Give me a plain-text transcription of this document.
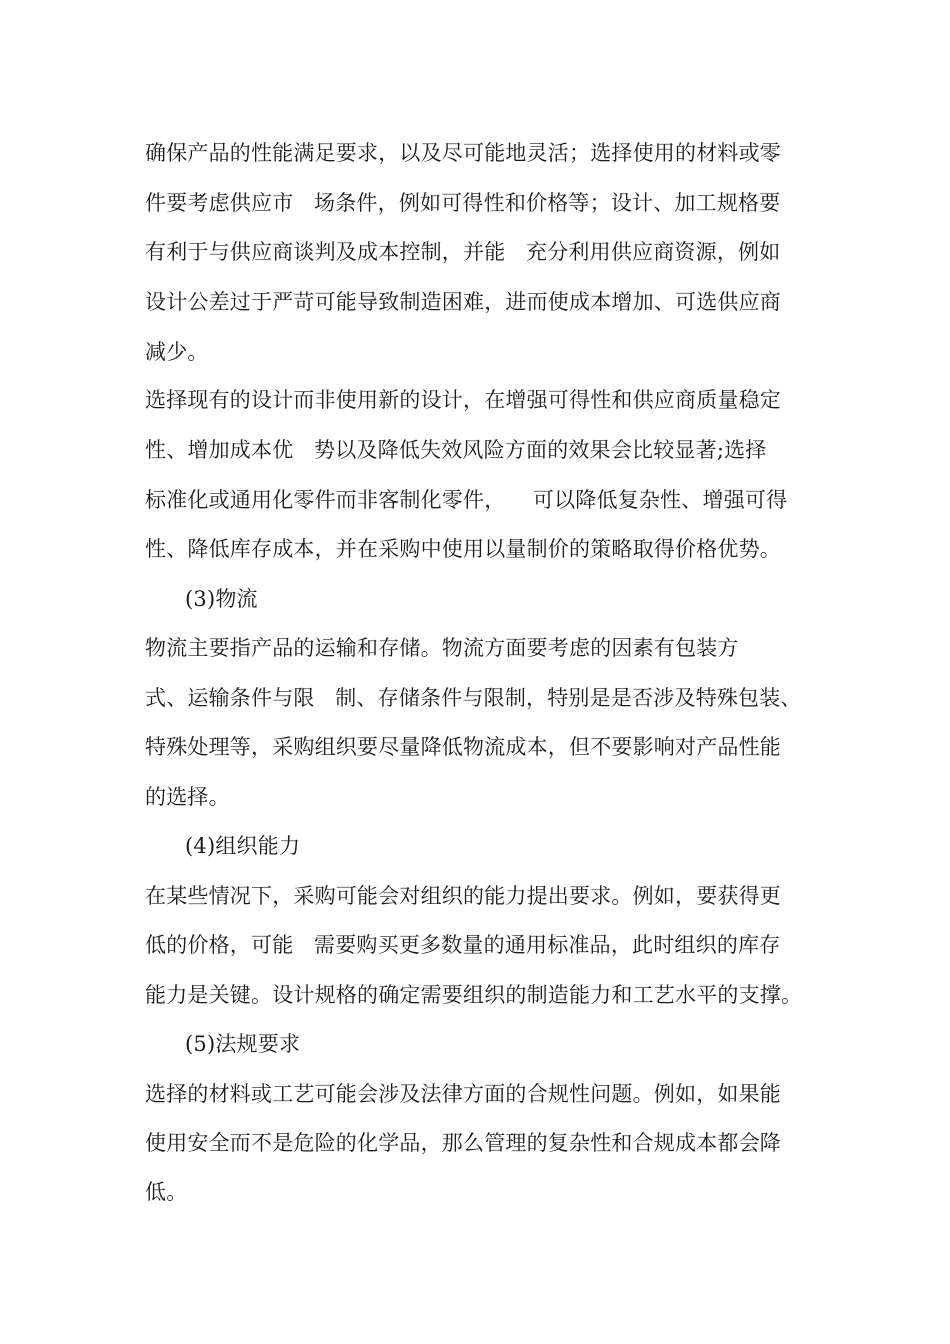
确保产品的性能满足要求，以及尽可能地灵活；选择使用的材料或零
件要考虑供应市   场条件，例如可得性和价格等；设计、加工规格要
有利于与供应商谈判及成本控制，并能   充分利用供应商资源，例如
设计公差过于严苛可能导致制造困难，进而使成本增加、可选供应商
减少。
选择现有的设计而非使用新的设计，在增强可得性和供应商质量稳定
性、增加成本优   势以及降低失效风险方面的效果会比较显著;选择
标准化或通用化零件而非客制化零件，    可以降低复杂性、增强可得
性、降低库存成本，并在采购中使用以量制价的策略取得价格优势。
(3)物流
物流主要指产品的运输和存储。物流方面要考虑的因素有包装方
式、运输条件与限   制、存储条件与限制，特别是是否涉及特殊包装、
特殊处理等，采购组织要尽量降低物流成本，但不要影响对产品性能
的选择。
(4)组织能力
在某些情况下，采购可能会对组织的能力提出要求。例如，要获得更
低的价格，可能   需要购买更多数量的通用标准品，此时组织的库存
能力是关键。设计规格的确定需要组织的制造能力和工艺水平的支撑。
(5)法规要求
选择的材料或工艺可能会涉及法律方面的合规性问题。例如，如果能
使用安全而不是危险的化学品，那么管理的复杂性和合规成本都会降
低。
